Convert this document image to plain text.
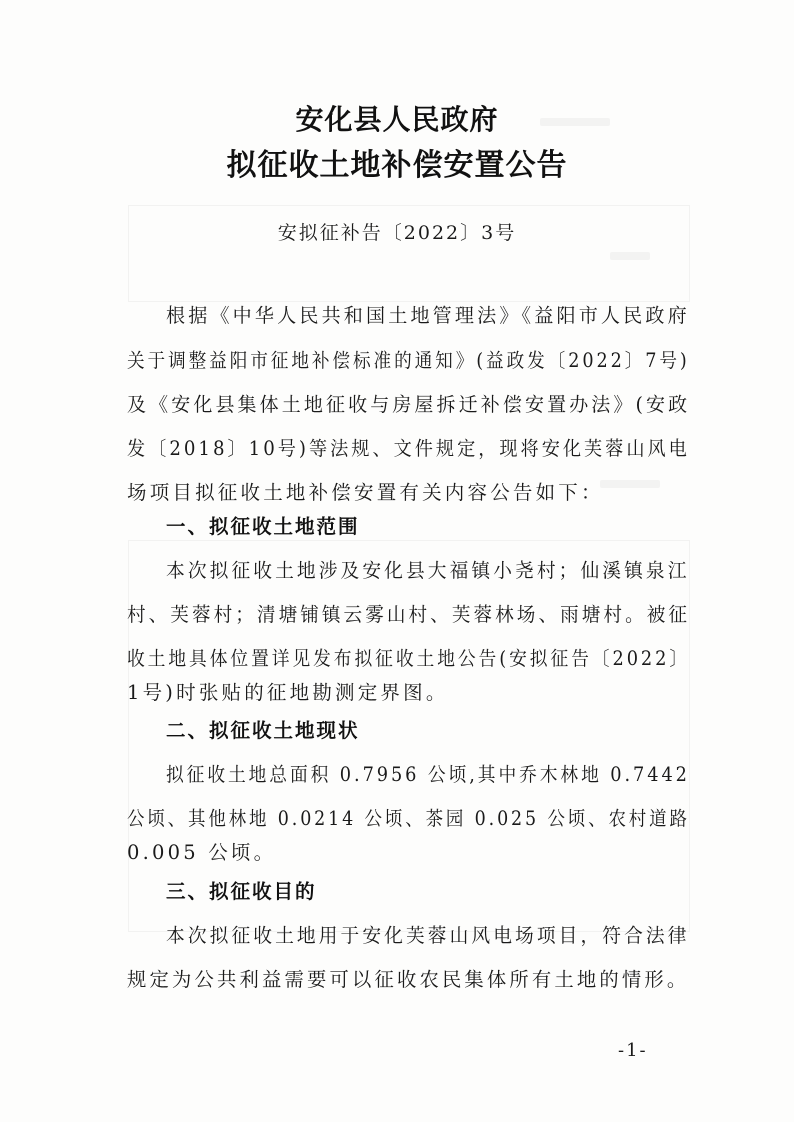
安化县人民政府
拟征收土地补偿安置公告
安拟征补告〔2022〕3号
根据《中华人民共和国土地管理法》《益阳市人民政府
关于调整益阳市征地补偿标准的通知》(益政发〔2022〕7号)
及《安化县集体土地征收与房屋拆迁补偿安置办法》(安政
发〔2018〕10号)等法规、文件规定，现将安化芙蓉山风电
场项目拟征收土地补偿安置有关内容公告如下：
一、拟征收土地范围
本次拟征收土地涉及安化县大福镇小尧村；仙溪镇泉江
村、芙蓉村；清塘铺镇云雾山村、芙蓉林场、雨塘村。被征
收土地具体位置详见发布拟征收土地公告(安拟征告〔2022〕
1号)时张贴的征地勘测定界图。
二、拟征收土地现状
拟征收土地总面积 0.7956 公顷,其中乔木林地 0.7442
公顷、其他林地 0.0214 公顷、茶园 0.025 公顷、农村道路
0.005 公顷。
三、拟征收目的
本次拟征收土地用于安化芙蓉山风电场项目，符合法律
规定为公共利益需要可以征收农民集体所有土地的情形。
-1-
